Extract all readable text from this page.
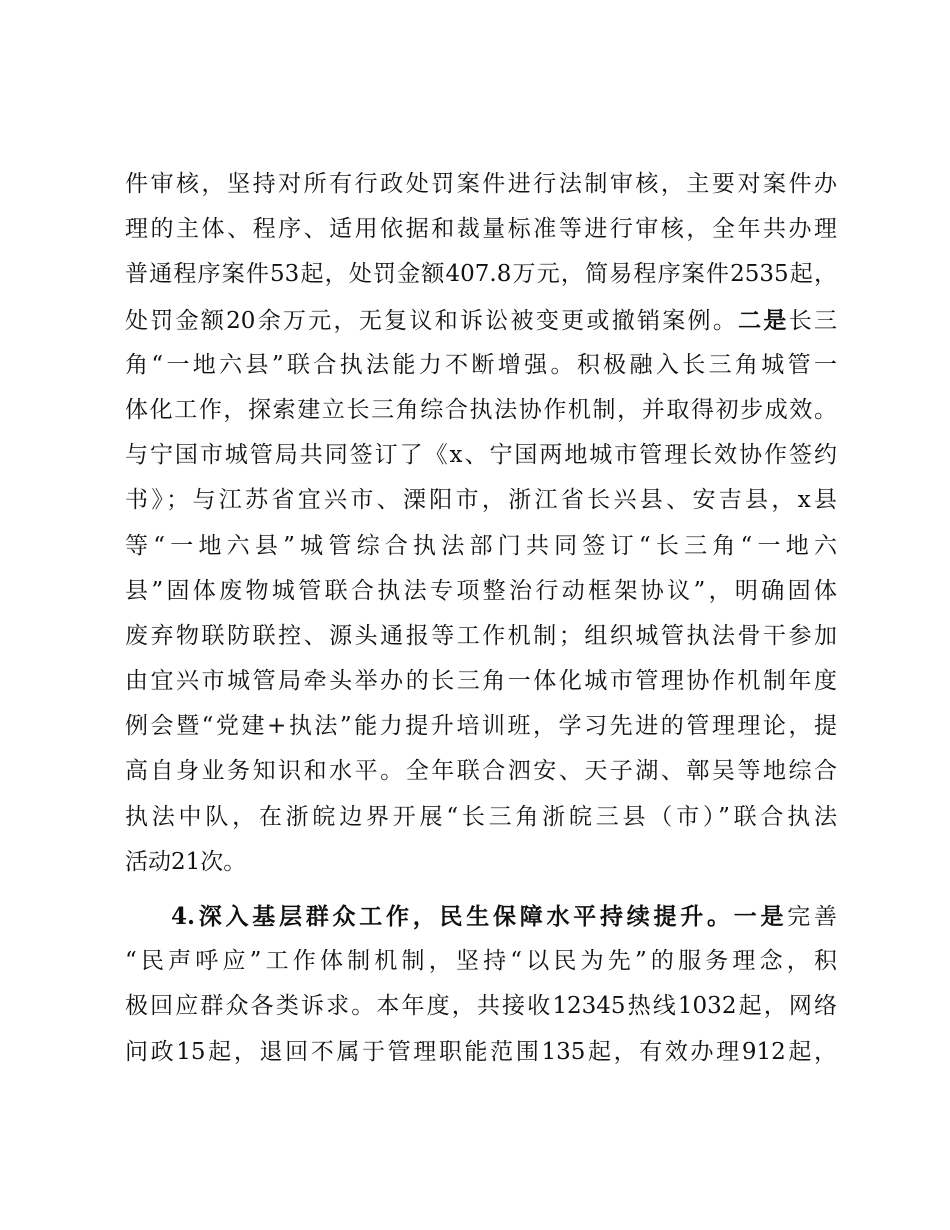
件审核，坚持对所有行政处罚案件进行法制审核，主要对案件办
理的主体、程序、适用依据和裁量标准等进行审核，全年共办理
普通程序案件53起，处罚金额407.8万元，简易程序案件2535起，
处罚金额20余万元，无复议和诉讼被变更或撤销案例。二是长三
角“一地六县”联合执法能力不断增强。积极融入长三角城管一
体化工作，探索建立长三角综合执法协作机制，并取得初步成效。
与宁国市城管局共同签订了《x、宁国两地城市管理长效协作签约
书》；与江苏省宜兴市、溧阳市，浙江省长兴县、安吉县，x县
等“一地六县”城管综合执法部门共同签订“长三角“一地六
县”固体废物城管联合执法专项整治行动框架协议”，明确固体
废弃物联防联控、源头通报等工作机制；组织城管执法骨干参加
由宜兴市城管局牵头举办的长三角一体化城市管理协作机制年度
例会暨“党建+执法”能力提升培训班，学习先进的管理理论，提
高自身业务知识和水平。全年联合泗安、天子湖、鄣吴等地综合
执法中队，在浙皖边界开展“长三角浙皖三县（市）”联合执法
活动21次。
4.深入基层群众工作，民生保障水平持续提升。一是完善
“民声呼应”工作体制机制，坚持“以民为先”的服务理念，积
极回应群众各类诉求。本年度，共接收12345热线1032起，网络
问政15起，退回不属于管理职能范围135起，有效办理912起，
